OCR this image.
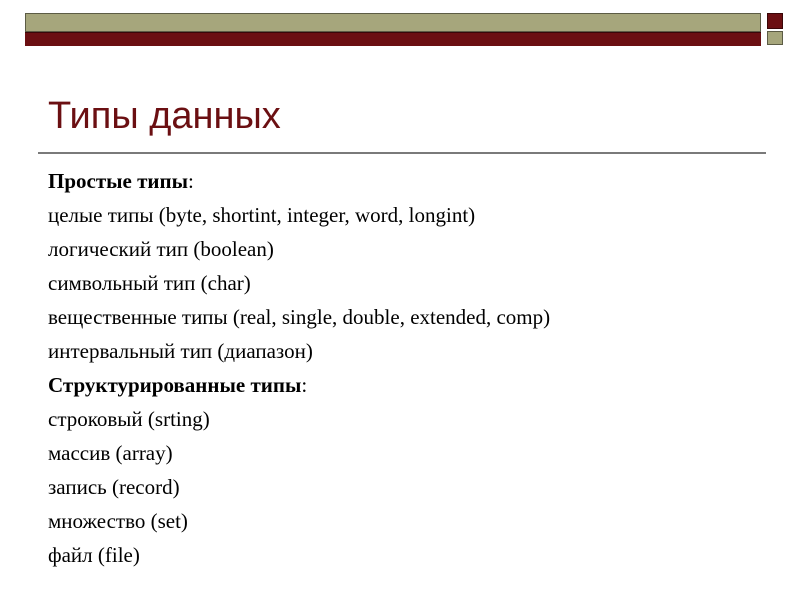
Типы данных
Простые типы:
целые типы (byte, shortint, integer, word, longint)
логический тип (boolean)
символьный тип (char)
вещественные типы (real, single, double, extended, comp)
интервальный тип (диапазон)
Структурированные типы:
строковый (srting)
массив (array)
запись (record)
множество (set)
файл (file)
